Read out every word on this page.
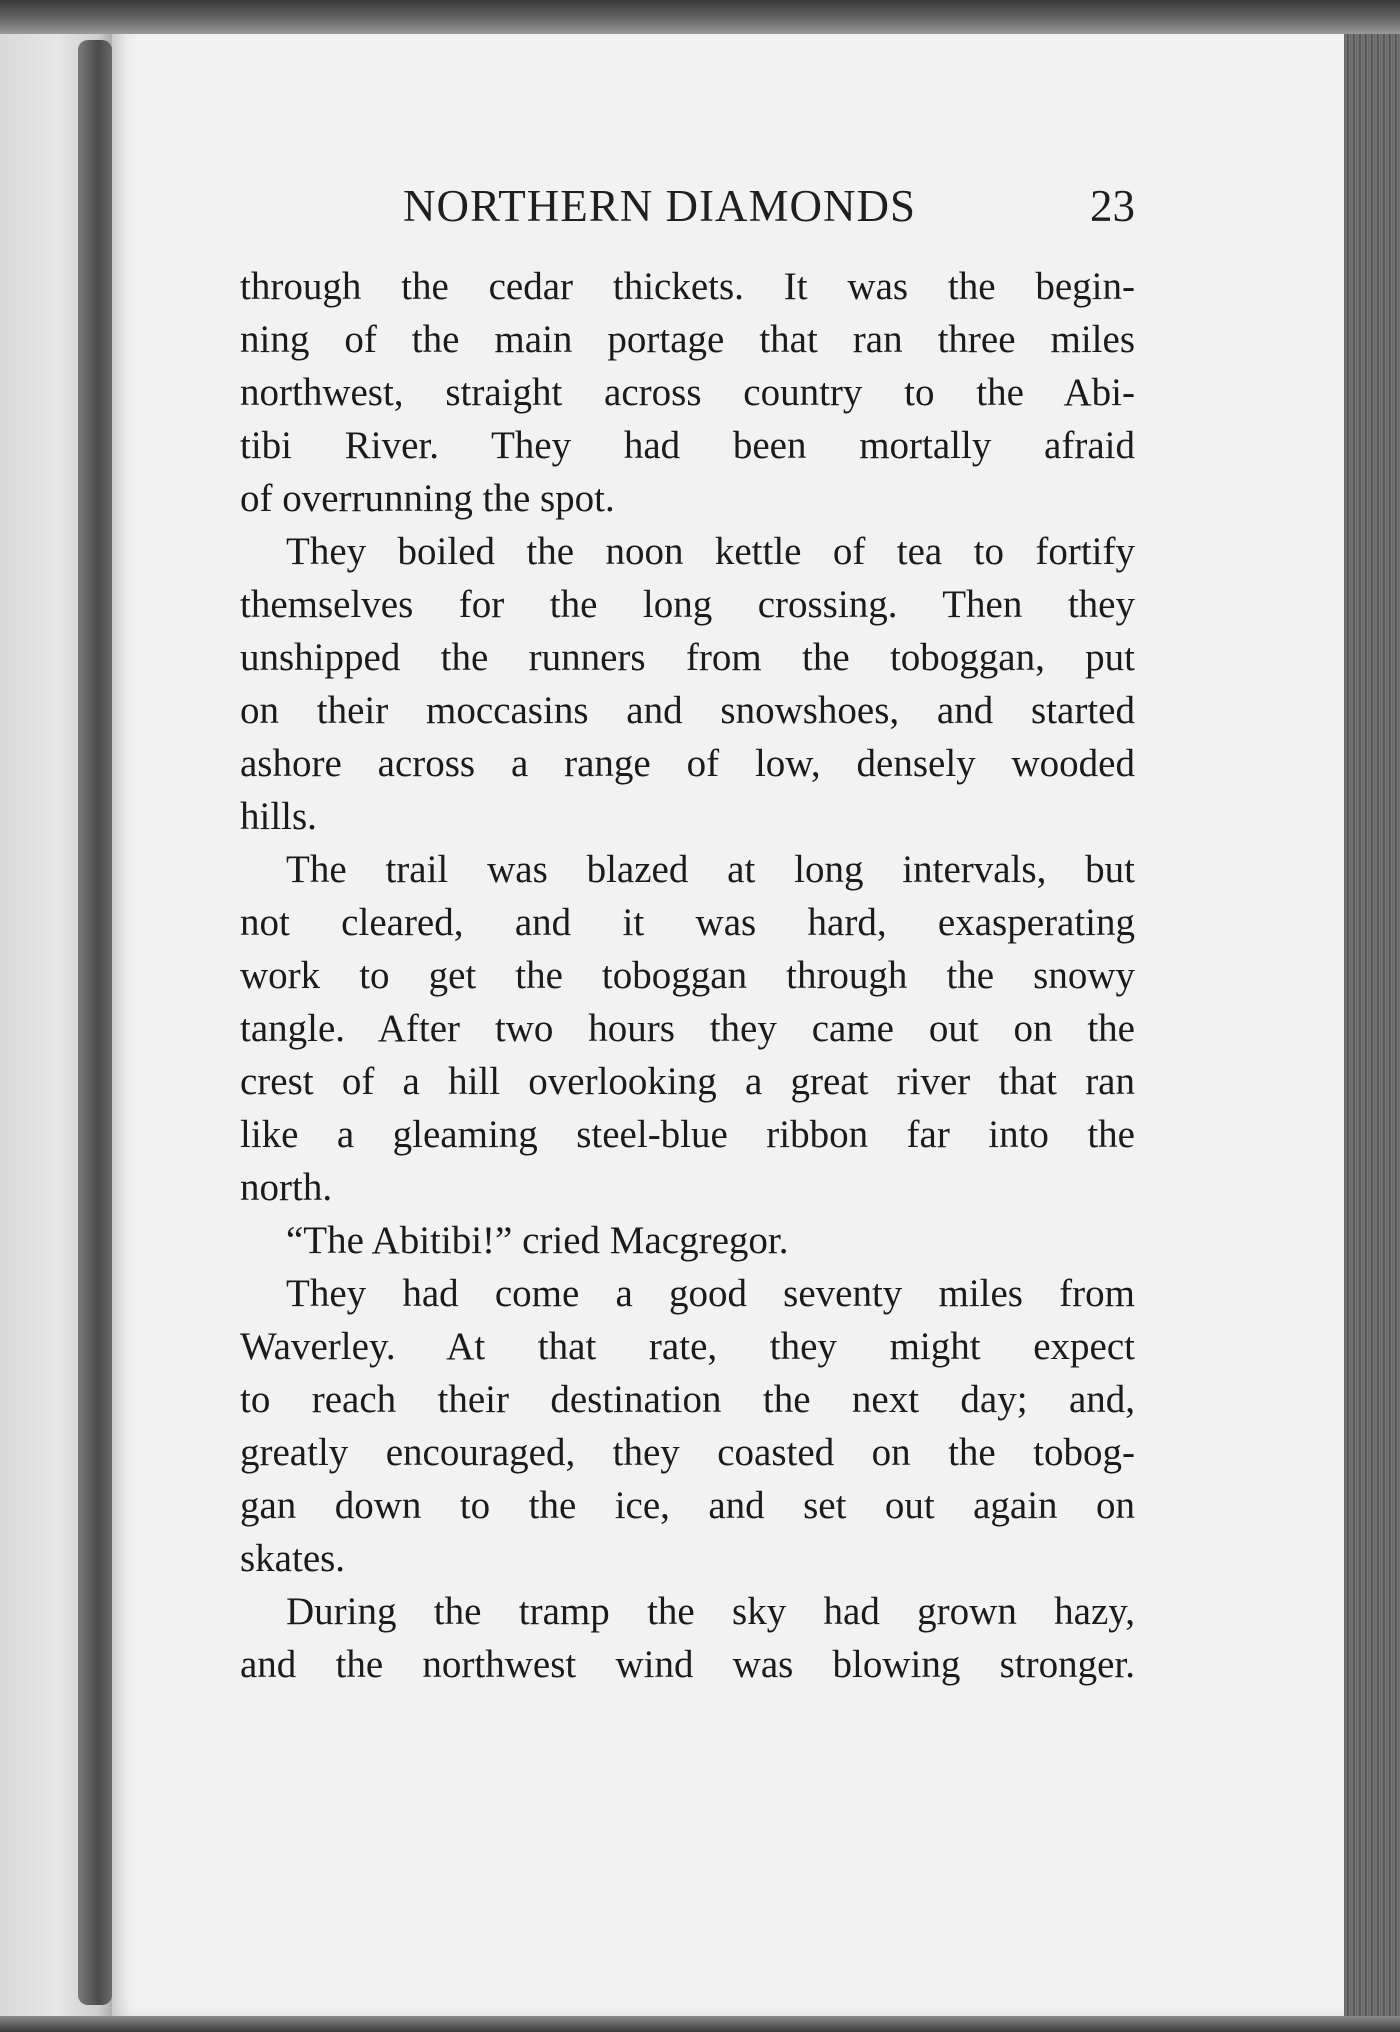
NORTHERN DIAMONDS	23

through the cedar thickets. It was the begin-
ning of the main portage that ran three miles
northwest, straight across country to the Abi-
tibi River. They had been mortally afraid
of overrunning the spot.

They boiled the noon kettle of tea to fortify
themselves for the long crossing. Then they
unshipped the runners from the toboggan, put
on their moccasins and snowshoes, and started
ashore across a range of low, densely wooded
hills.

The trail was blazed at long intervals, but
not cleared, and it was hard, exasperating
work to get the toboggan through the snowy
tangle. After two hours they came out on the
crest of a hill overlooking a great river that ran
like a gleaming steel-blue ribbon far into the
north.

“The Abitibi!” cried Macgregor.

They had come a good seventy miles from
Waverley. At that rate, they might expect
to reach their destination the next day; and,
greatly encouraged, they coasted on the tobog-
gan down to the ice, and set out again on
skates.

During the tramp the sky had grown hazy,
and the northwest wind was blowing stronger.
